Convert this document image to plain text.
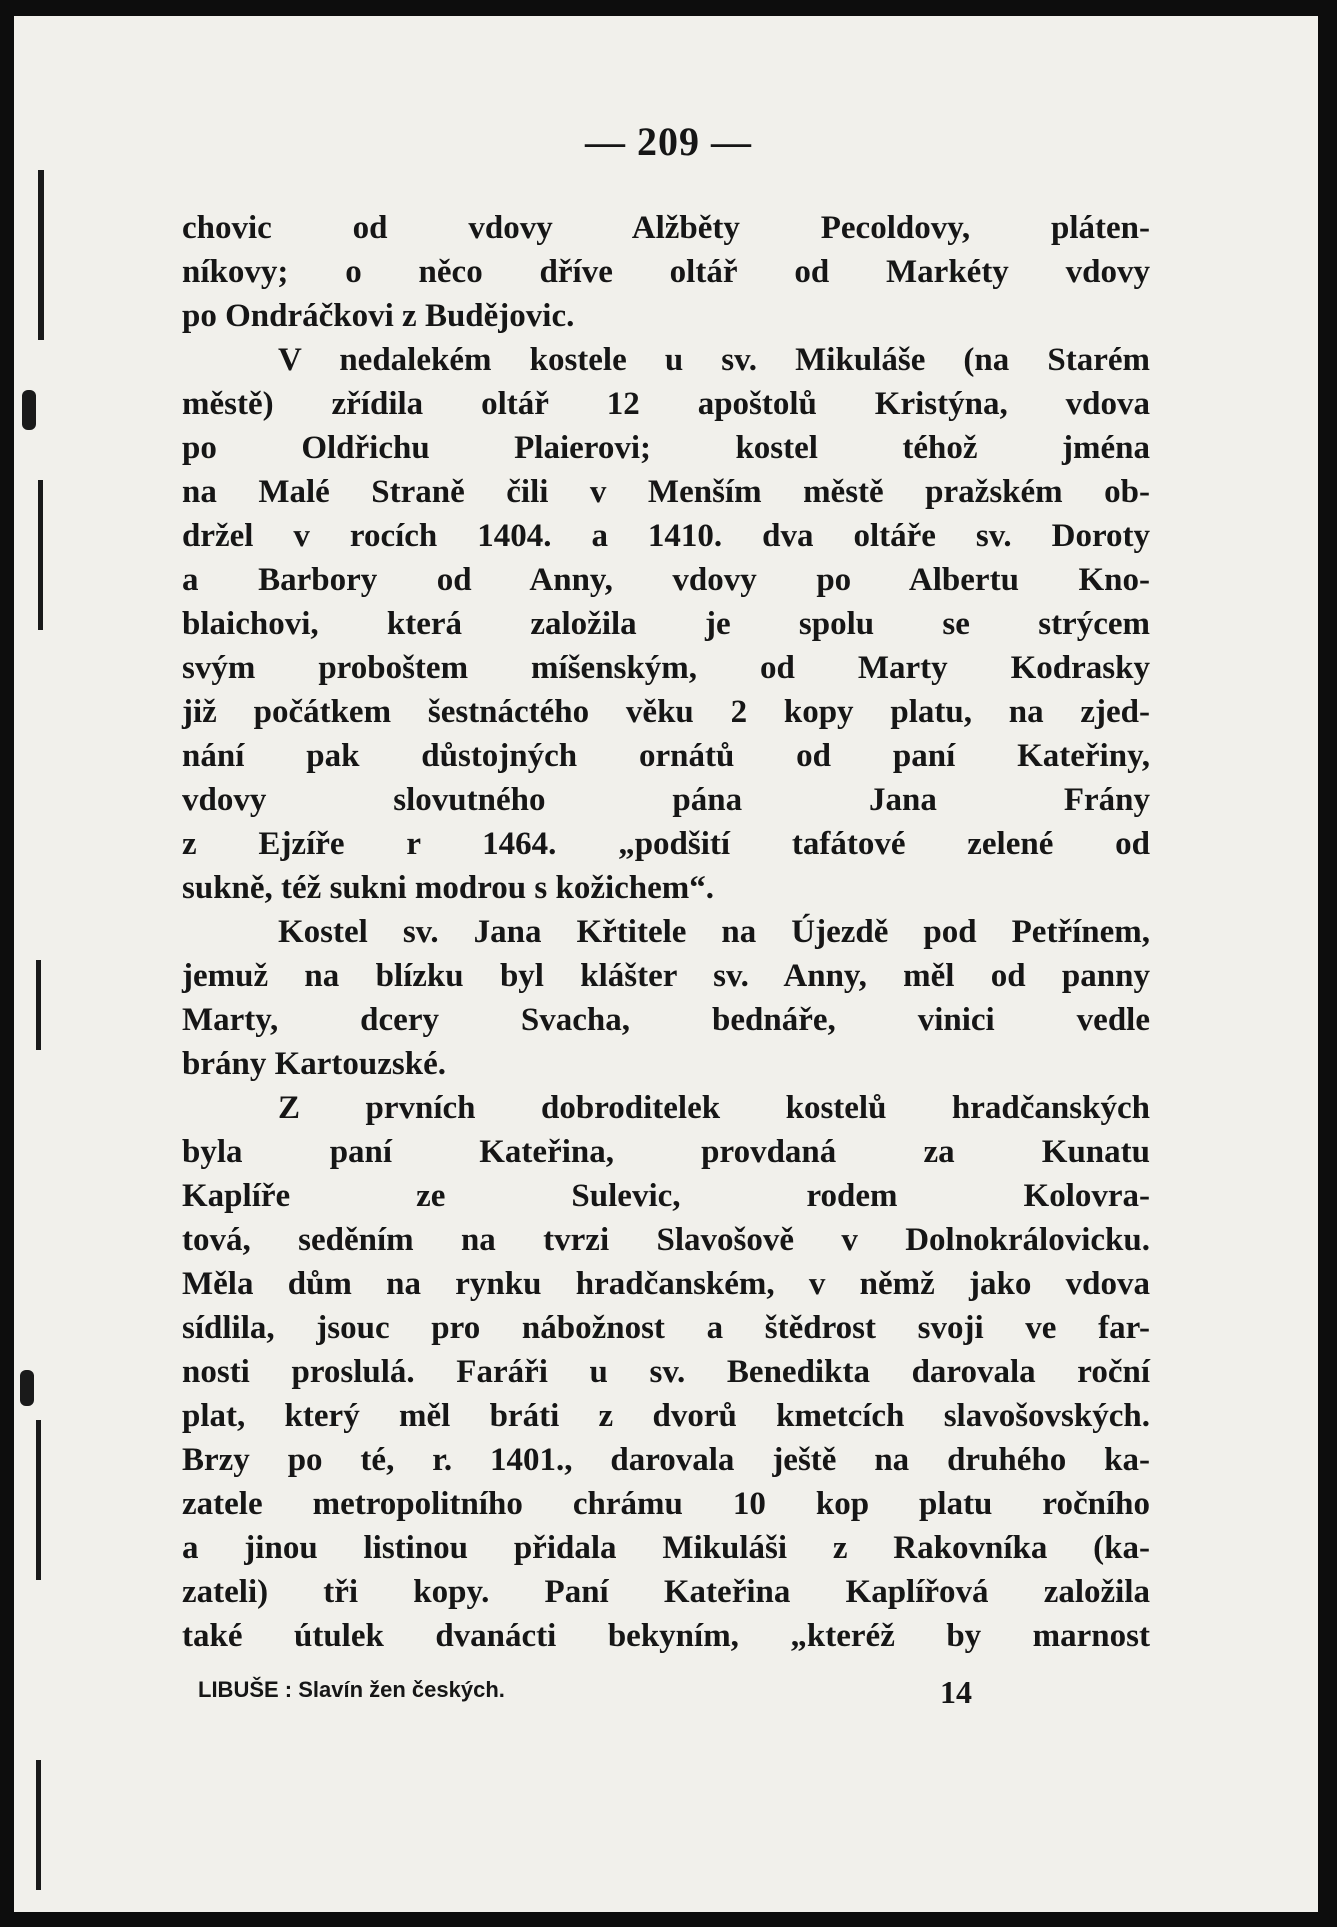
— 209 —
chovic od vdovy Alžběty Pecoldovy, pláten-
níkovy; o něco dříve oltář od Markéty vdovy
po Ondráčkovi z Budějovic.
V nedalekém kostele u sv. Mikuláše (na Starém
městě) zřídila oltář 12 apoštolů Kristýna, vdova
po Oldřichu Plaierovi; kostel téhož jména
na Malé Straně čili v Menším městě pražském ob-
držel v rocích 1404. a 1410. dva oltáře sv. Doroty
a Barbory od Anny, vdovy po Albertu Kno-
blaichovi, která založila je spolu se strýcem
svým proboštem míšenským, od Marty Kodrasky
již počátkem šestnáctého věku 2 kopy platu, na zjed-
nání pak důstojných ornátů od paní Kateřiny,
vdovy slovutného pána Jana Frány
z Ejzíře r 1464. „podšití tafátové zelené od
sukně, též sukni modrou s kožichem“.
Kostel sv. Jana Křtitele na Újezdě pod Petřínem,
jemuž na blízku byl klášter sv. Anny, měl od panny
Marty, dcery Svacha, bednáře, vinici vedle
brány Kartouzské.
Z prvních dobroditelek kostelů hradčanských
byla paní Kateřina, provdaná za Kunatu
Kaplíře ze Sulevic, rodem Kolovra-
tová, seděním na tvrzi Slavošově v Dolnokrálovicku.
Měla dům na rynku hradčanském, v němž jako vdova
sídlila, jsouc pro nábožnost a štědrost svoji ve far-
nosti proslulá. Faráři u sv. Benedikta darovala roční
plat, který měl bráti z dvorů kmetcích slavošovských.
Brzy po té, r. 1401., darovala ještě na druhého ka-
zatele metropolitního chrámu 10 kop platu ročního
a jinou listinou přidala Mikuláši z Rakovníka (ka-
zateli) tři kopy. Paní Kateřina Kaplířová založila
také útulek dvanácti bekyním, „kteréž by marnost
LIBUŠE : Slavín žen českých.	14
